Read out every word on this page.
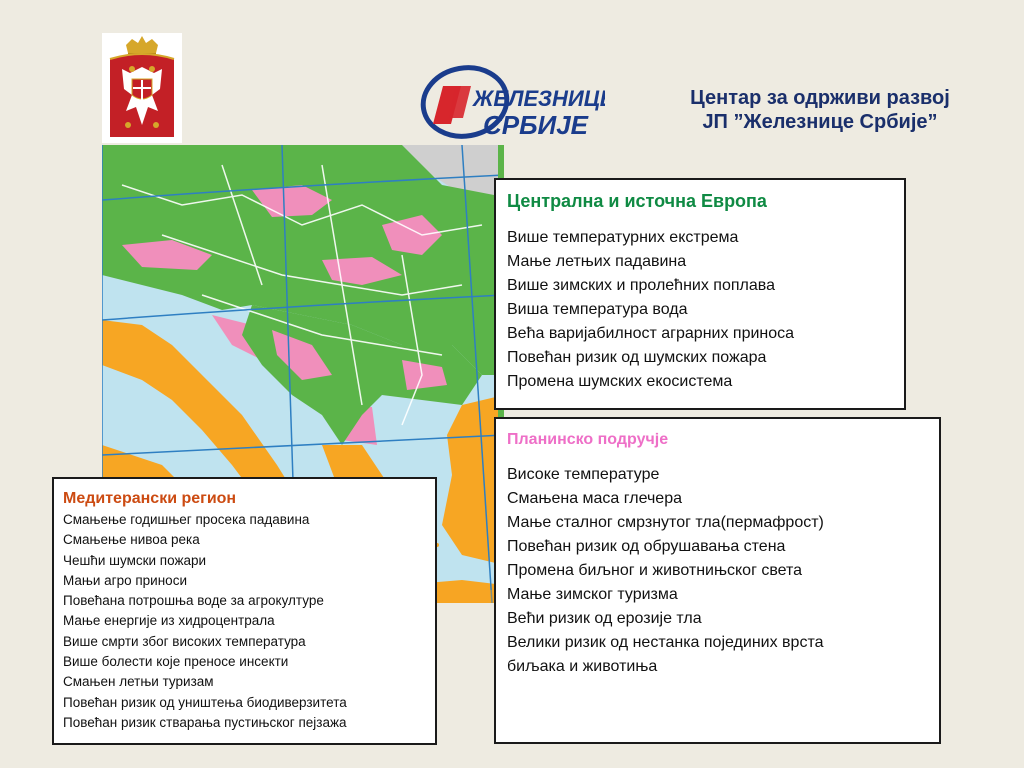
ЖЕЛЕЗНИЦЕ
СРБИЈЕ
Центар за одрживи развој
ЈП ”Железнице Србије”
Централна и источна Европа
Више температурних екстрема
Мање летњих падавина
Више зимских и пролећних поплава
Виша температура вода
Већа варијабилност аграрних приноса
Повећан ризик од шумских пожара
Промена шумских екосистема
Планинско подручје
Високе температуре
Смањена маса глечера
Мање сталног смрзнутог тла(пермафрост)
Повећан ризик од обрушавања стена
Промена биљног и животнињског света
Мање зимског туризма
Већи ризик од ерозије тла
Велики ризик од нестанка појединих врста
биљака и животиња
Медитерански регион
Смањење годишњег просека падавина
Смањење нивоа река
Чешћи шумски пожари
Мањи агро приноси
Повећана потрошња воде за агрокултуре
Мање енергије из хидроцентрала
Више смрти због високих температура
Више болести које преносе инсекти
Смањен летњи туризам
Повећан ризик од уништења биодиверзитета
Повећан ризик стварања пустињског пејзажа
